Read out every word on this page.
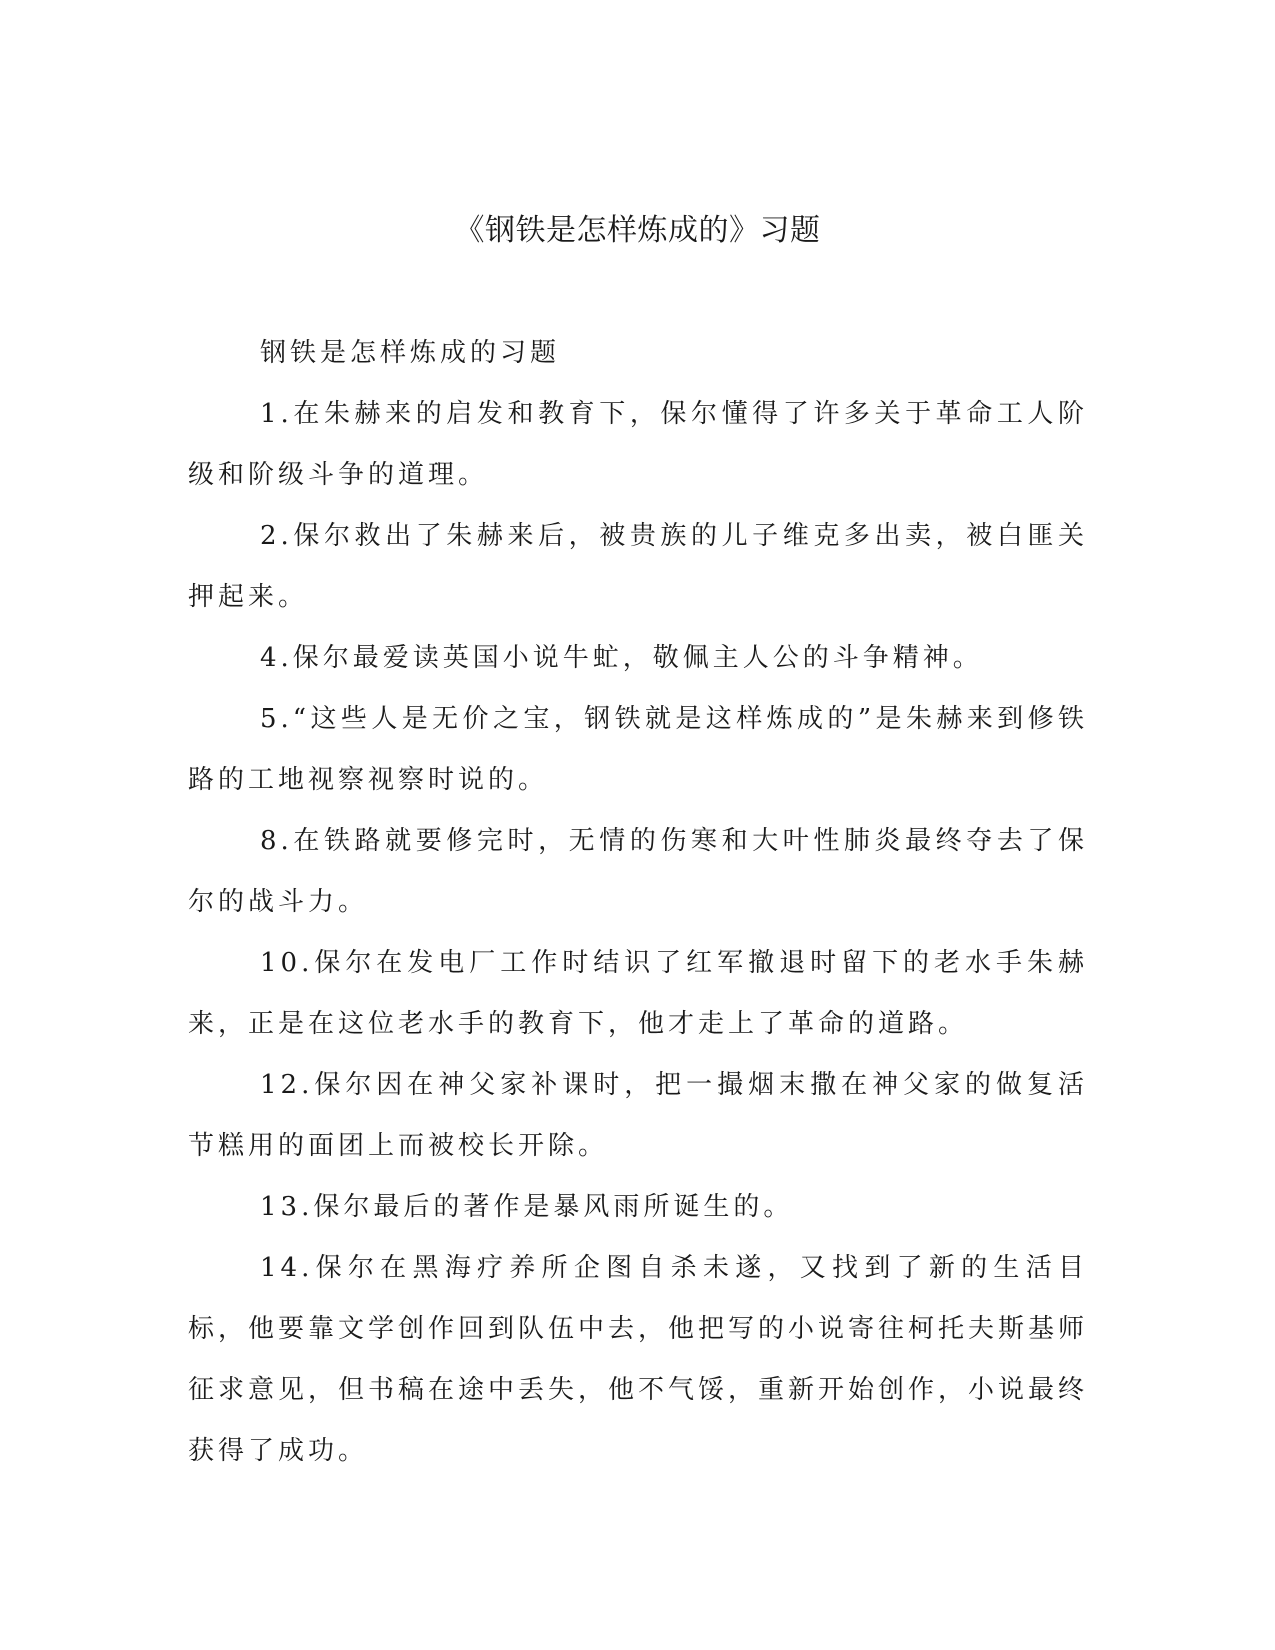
《钢铁是怎样炼成的》习题

钢铁是怎样炼成的习题

1.在朱赫来的启发和教育下，保尔懂得了许多关于革命工人阶级和阶级斗争的道理。

2.保尔救出了朱赫来后，被贵族的儿子维克多出卖，被白匪关押起来。

4.保尔最爱读英国小说牛虻，敬佩主人公的斗争精神。

5.“这些人是无价之宝，钢铁就是这样炼成的”是朱赫来到修铁路的工地视察视察时说的。

8.在铁路就要修完时，无情的伤寒和大叶性肺炎最终夺去了保尔的战斗力。

10.保尔在发电厂工作时结识了红军撤退时留下的老水手朱赫来，正是在这位老水手的教育下，他才走上了革命的道路。

12.保尔因在神父家补课时，把一撮烟末撒在神父家的做复活节糕用的面团上而被校长开除。

13.保尔最后的著作是暴风雨所诞生的。

14.保尔在黑海疗养所企图自杀未遂，又找到了新的生活目标，他要靠文学创作回到队伍中去，他把写的小说寄往柯托夫斯基师征求意见，但书稿在途中丢失，他不气馁，重新开始创作，小说最终获得了成功。
